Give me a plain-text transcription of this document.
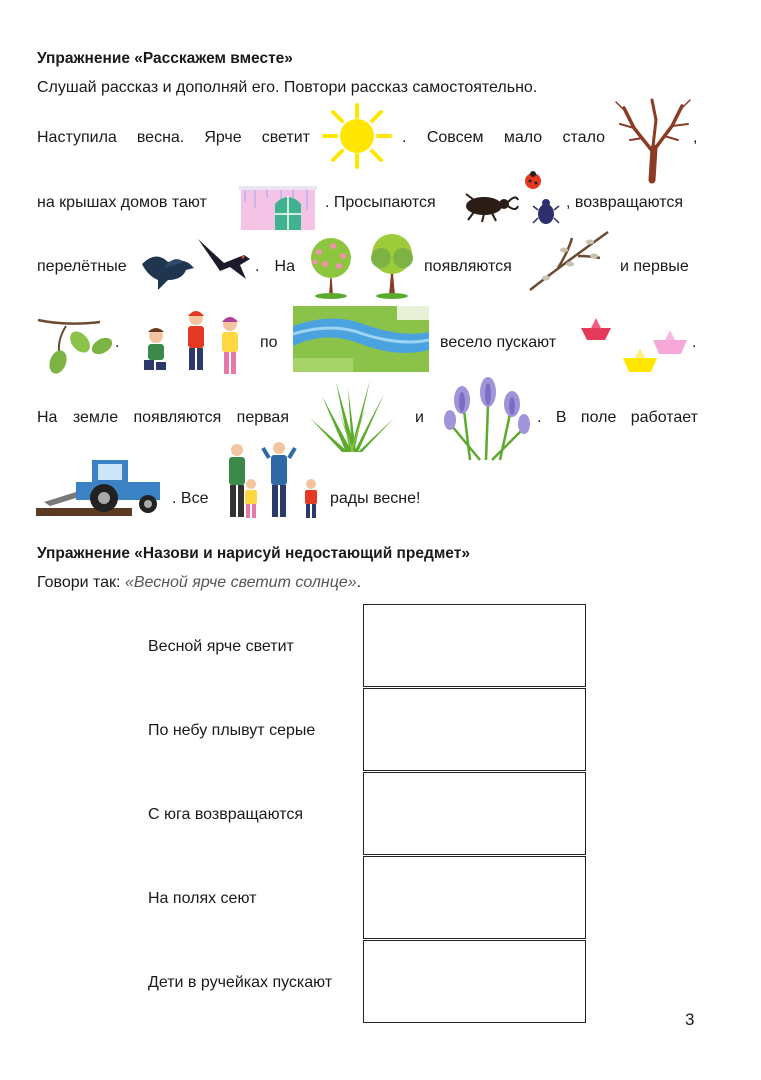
Упражнение «Расскажем вместе»
Слушай рассказ и дополняй его. Повтори рассказ самостоятельно.
Наступила весна. Ярче светит	. Совсем мало стало	,
на крышах домов тают	. Просыпаются	, возвращаются
перелётные	. На	появляются	и первые
.	по	весело пускают	.
На земле появляются первая	и	. В поле работает
. Все	рады весне!
Упражнение «Назови и нарисуй недостающий предмет»
Говори так: «Весной ярче светит солнце».
Весной ярче светит
По небу плывут серые
С юга возвращаются
На полях сеют
Дети в ручейках пускают
3
